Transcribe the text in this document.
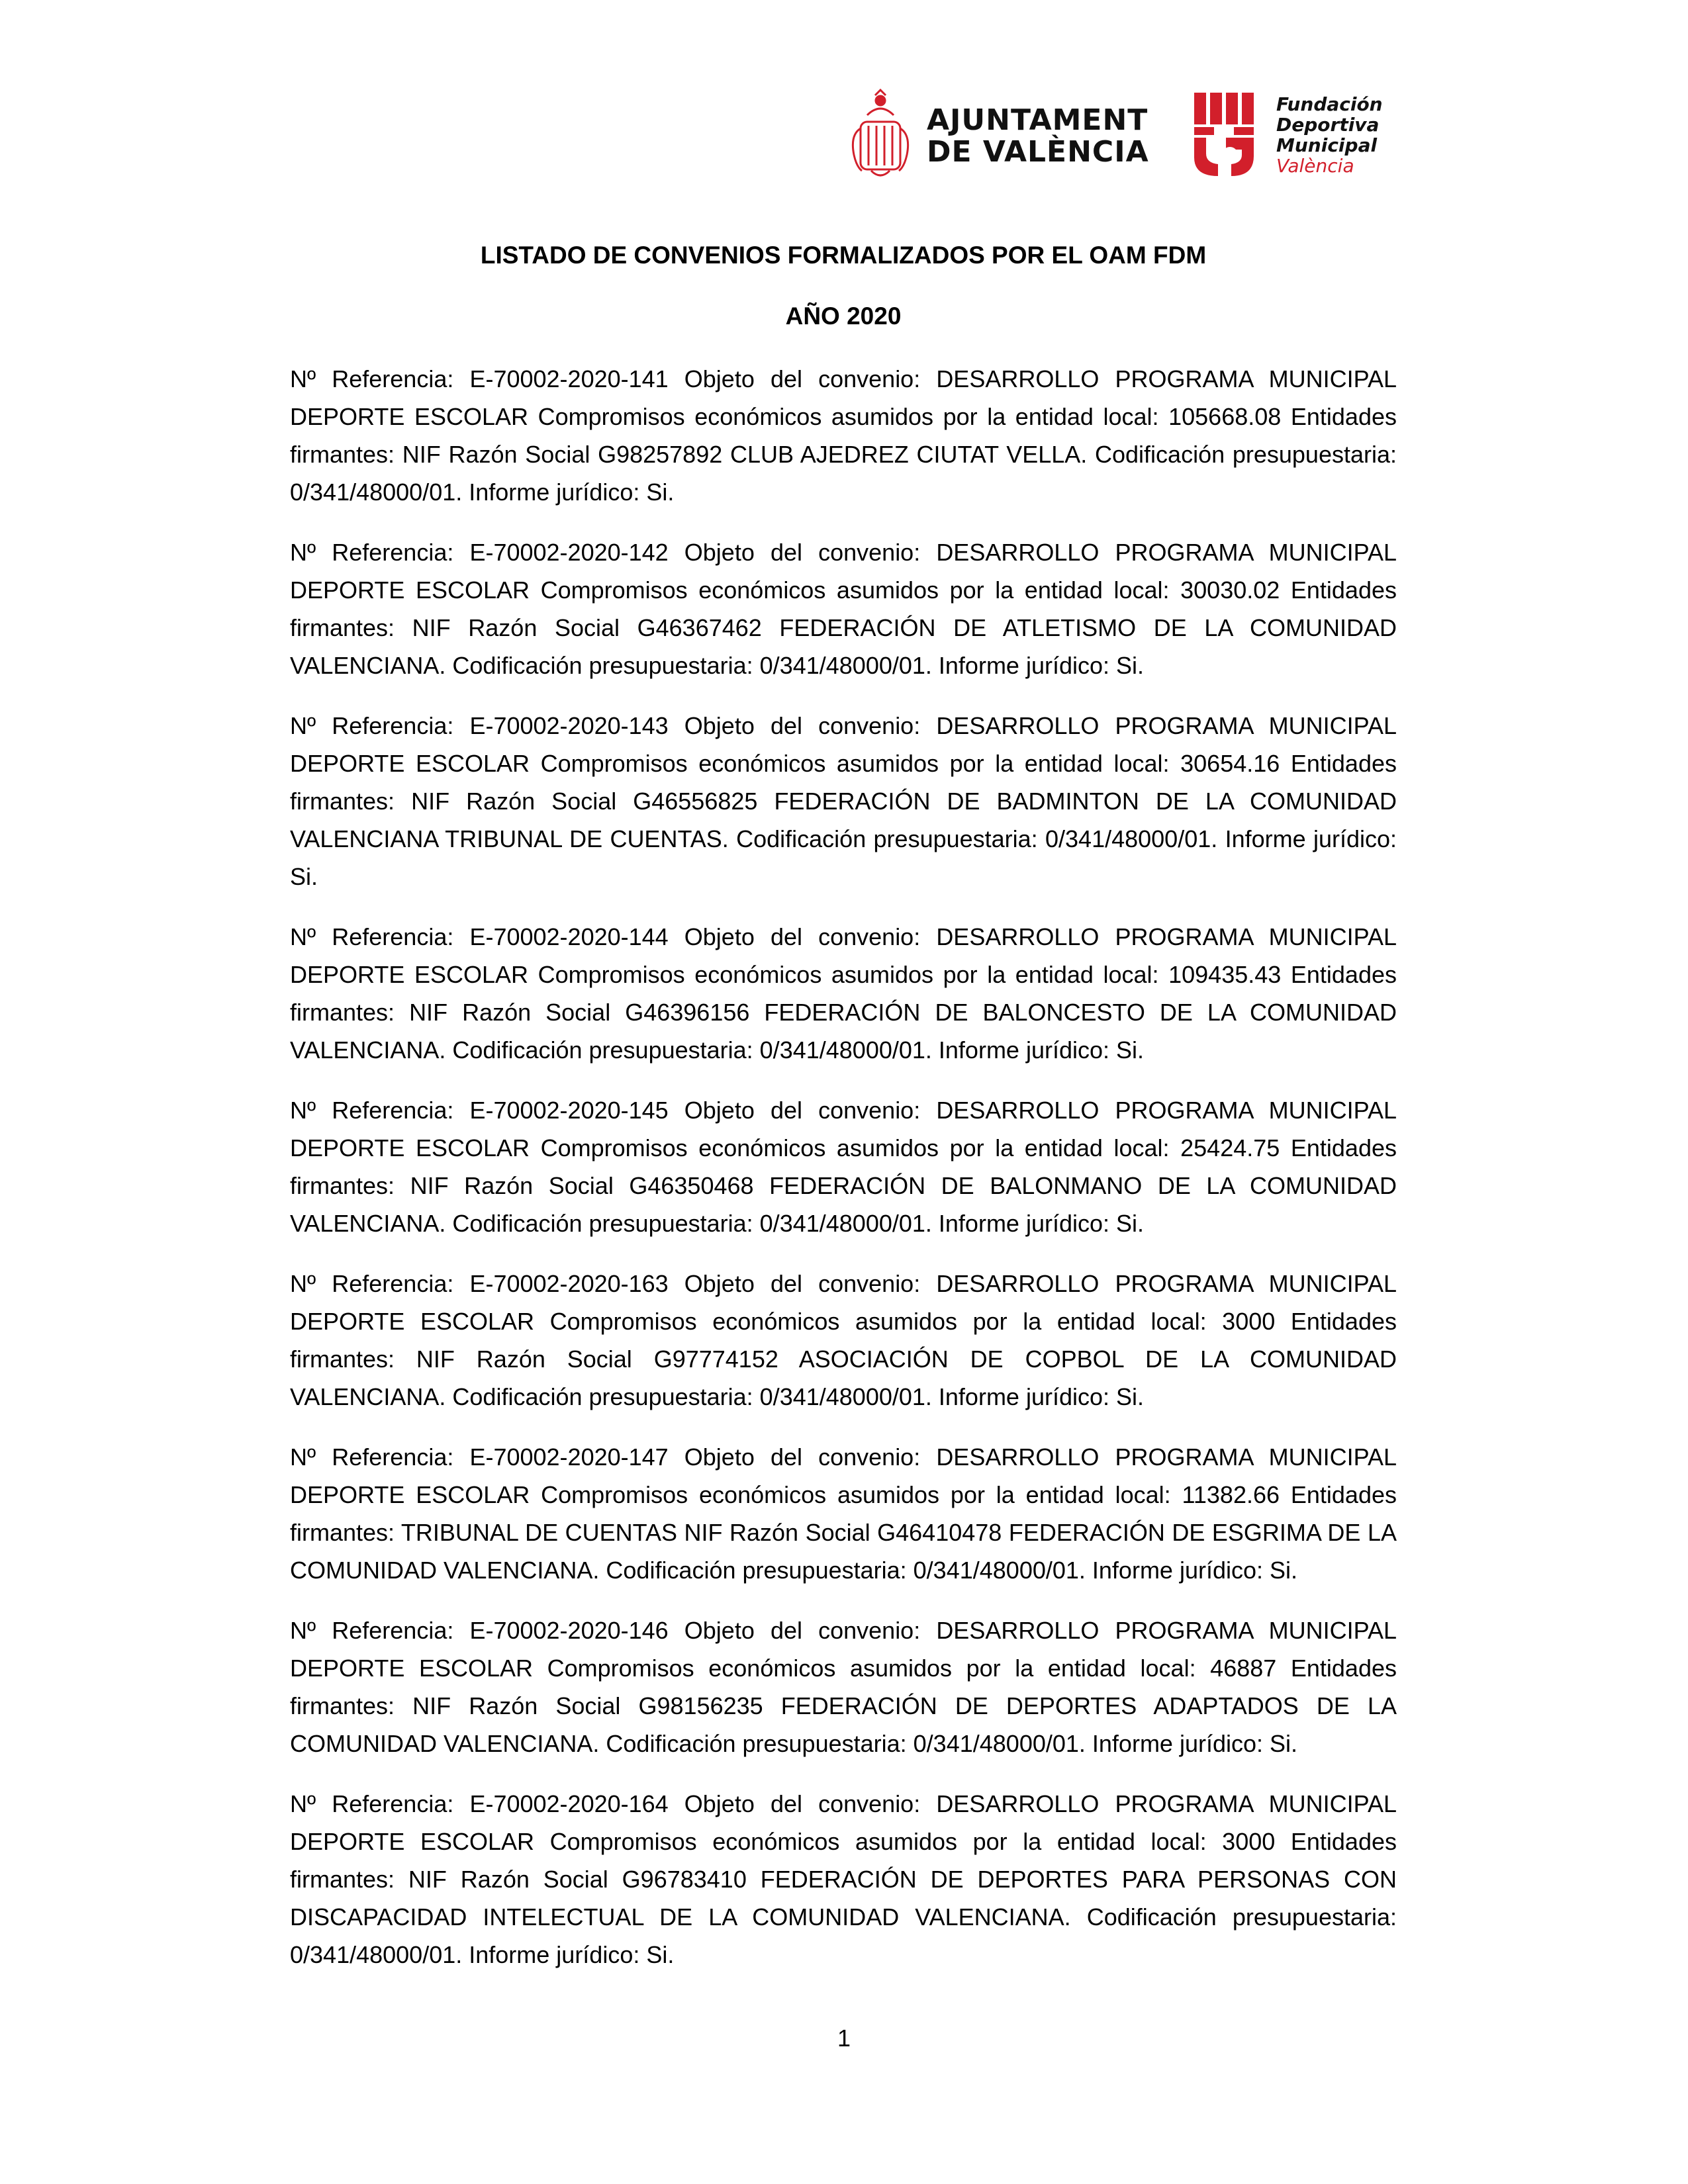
AJUNTAMENT
DE VALÈNCIA
Fundación
Deportiva
Municipal
València
LISTADO DE CONVENIOS FORMALIZADOS POR EL OAM FDM
AÑO 2020

Nº Referencia: E-70002-2020-141 Objeto del convenio: DESARROLLO PROGRAMA MUNICIPAL DEPORTE ESCOLAR Compromisos económicos asumidos por la entidad local: 105668.08 Entidades firmantes: NIF Razón Social G98257892 CLUB AJEDREZ CIUTAT VELLA. Codificación presupuestaria: 0/341/48000/01. Informe jurídico: Si.

Nº Referencia: E-70002-2020-142 Objeto del convenio: DESARROLLO PROGRAMA MUNICIPAL DEPORTE ESCOLAR Compromisos económicos asumidos por la entidad local: 30030.02 Entidades firmantes: NIF Razón Social G46367462 FEDERACIÓN DE ATLETISMO DE LA COMUNIDAD VALENCIANA. Codificación presupuestaria: 0/341/48000/01. Informe jurídico: Si.

Nº Referencia: E-70002-2020-143 Objeto del convenio: DESARROLLO PROGRAMA MUNICIPAL DEPORTE ESCOLAR Compromisos económicos asumidos por la entidad local: 30654.16 Entidades firmantes: NIF Razón Social G46556825 FEDERACIÓN DE BADMINTON DE LA COMUNIDAD VALENCIANA TRIBUNAL DE CUENTAS. Codificación presupuestaria: 0/341/48000/01. Informe jurídico: Si.

Nº Referencia: E-70002-2020-144 Objeto del convenio: DESARROLLO PROGRAMA MUNICIPAL DEPORTE ESCOLAR Compromisos económicos asumidos por la entidad local: 109435.43 Entidades firmantes: NIF Razón Social G46396156 FEDERACIÓN DE BALONCESTO DE LA COMUNIDAD VALENCIANA. Codificación presupuestaria: 0/341/48000/01. Informe jurídico: Si.

Nº Referencia: E-70002-2020-145 Objeto del convenio: DESARROLLO PROGRAMA MUNICIPAL DEPORTE ESCOLAR Compromisos económicos asumidos por la entidad local: 25424.75 Entidades firmantes: NIF Razón Social G46350468 FEDERACIÓN DE BALONMANO DE LA COMUNIDAD VALENCIANA. Codificación presupuestaria: 0/341/48000/01. Informe jurídico: Si.

Nº Referencia: E-70002-2020-163 Objeto del convenio: DESARROLLO PROGRAMA MUNICIPAL DEPORTE ESCOLAR Compromisos económicos asumidos por la entidad local: 3000 Entidades firmantes: NIF Razón Social G97774152 ASOCIACIÓN DE COPBOL DE LA COMUNIDAD VALENCIANA. Codificación presupuestaria: 0/341/48000/01. Informe jurídico: Si.

Nº Referencia: E-70002-2020-147 Objeto del convenio: DESARROLLO PROGRAMA MUNICIPAL DEPORTE ESCOLAR Compromisos económicos asumidos por la entidad local: 11382.66 Entidades firmantes: TRIBUNAL DE CUENTAS NIF Razón Social G46410478 FEDERACIÓN DE ESGRIMA DE LA COMUNIDAD VALENCIANA. Codificación presupuestaria: 0/341/48000/01. Informe jurídico: Si.

Nº Referencia: E-70002-2020-146 Objeto del convenio: DESARROLLO PROGRAMA MUNICIPAL DEPORTE ESCOLAR Compromisos económicos asumidos por la entidad local: 46887 Entidades firmantes: NIF Razón Social G98156235 FEDERACIÓN DE DEPORTES ADAPTADOS DE LA COMUNIDAD VALENCIANA. Codificación presupuestaria: 0/341/48000/01. Informe jurídico: Si.

Nº Referencia: E-70002-2020-164 Objeto del convenio: DESARROLLO PROGRAMA MUNICIPAL DEPORTE ESCOLAR Compromisos económicos asumidos por la entidad local: 3000 Entidades firmantes: NIF Razón Social G96783410 FEDERACIÓN DE DEPORTES PARA PERSONAS CON DISCAPACIDAD INTELECTUAL DE LA COMUNIDAD VALENCIANA. Codificación presupuestaria: 0/341/48000/01. Informe jurídico: Si.

1
